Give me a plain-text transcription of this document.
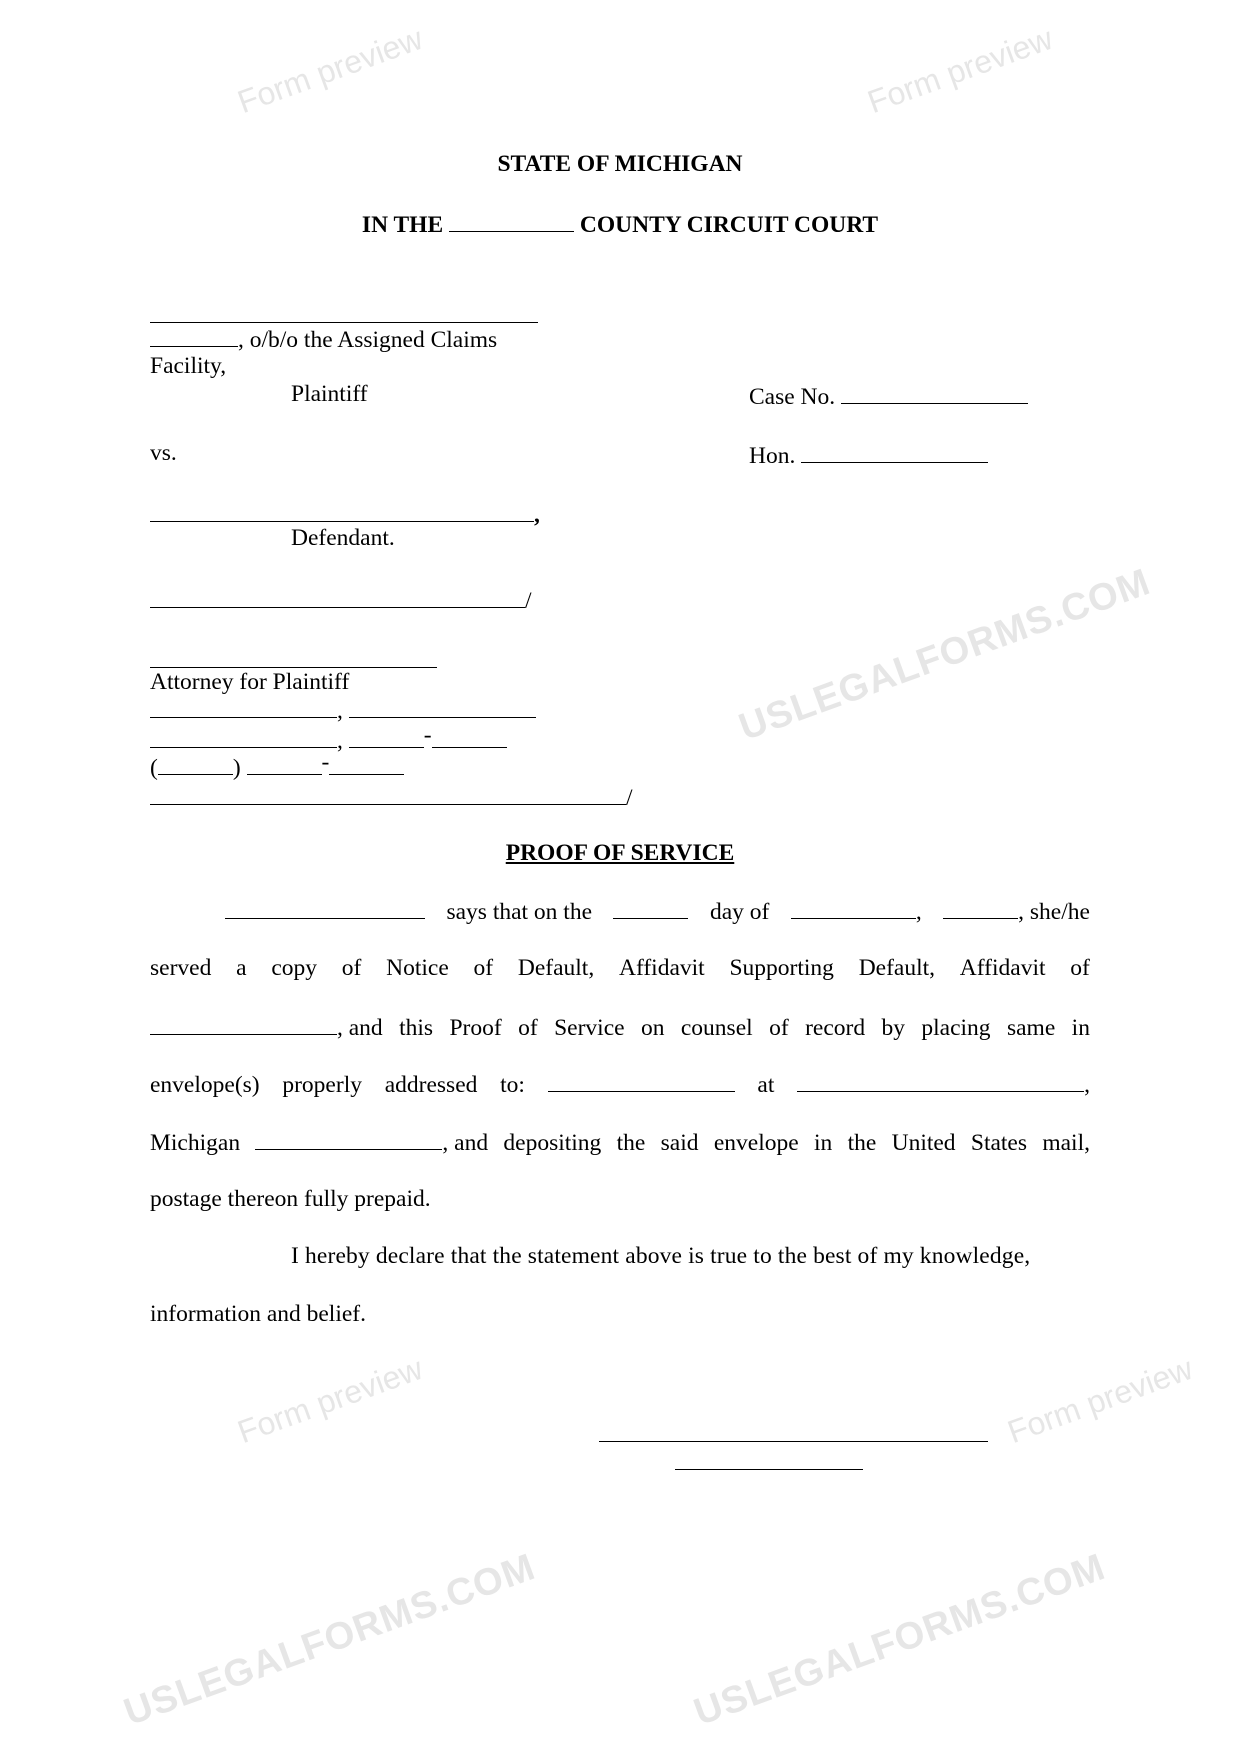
Form preview	Form preview
USLEGALFORMS.COM
Form preview	Form preview
USLEGALFORMS.COM	USLEGALFORMS.COM
STATE OF MICHIGAN
IN THE	COUNTY CIRCUIT COURT
, o/b/o the Assigned Claims
Facility,
Plaintiff	Case No.
vs.	Hon.
,
Defendant.
/
Attorney for Plaintiff
,
,	-
(	)	-
/
PROOF OF SERVICE
says that on the	day of	,	, she/he
served a copy of Notice of Default, Affidavit Supporting Default, Affidavit of
, and this Proof of Service on counsel of record by placing same in
envelope(s) properly addressed to:	at	,
Michigan	, and depositing the said envelope in the United States mail,
postage thereon fully prepaid.
I hereby declare that the statement above is true to the best of my knowledge,
information and belief.
